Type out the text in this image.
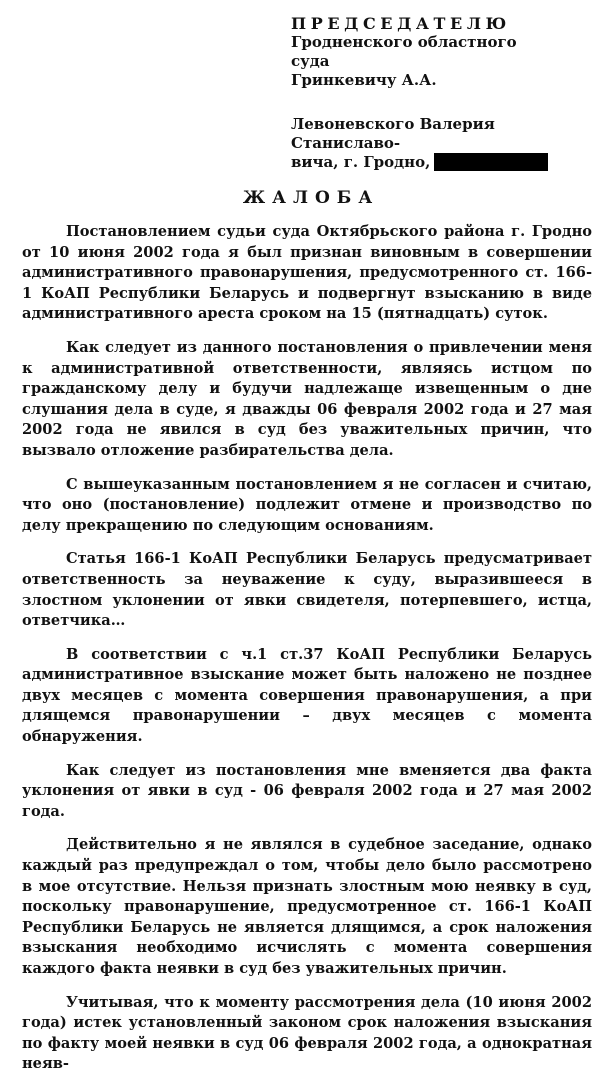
ПРЕДСЕДАТЕЛЮ
Гродненского областного
суда
Гринкевичу А.А.
Левоневского Валерия Станиславо-
вича, г. Гродно,
ЖАЛОБА

Постановлением судьи суда Октябрьского района г. Гродно от 10 июня 2002 года я был признан виновным в совершении административного правонарушения, предусмотренного ст. 166-1 КоАП Республики Беларусь и подвергнут взысканию в виде административного ареста сроком на 15 (пятнадцать) суток.

Как следует из данного постановления о привлечении меня к административной ответственности, являясь истцом по гражданскому делу и будучи надлежаще извещенным о дне слушания дела в суде, я дважды 06 февраля 2002 года и 27 мая 2002 года не явился в суд без уважительных причин, что вызвало отложение разбирательства дела.

С вышеуказанным постановлением я не согласен и считаю, что оно (постановление) подлежит отмене и производство по делу прекращению по следующим основаниям.

Статья 166-1 КоАП Республики Беларусь предусматривает ответственность за неуважение к суду, выразившееся в злостном уклонении от явки свидетеля, потерпевшего, истца, ответчика…

В соответствии с ч.1 ст.37 КоАП Республики Беларусь административное взыскание может быть наложено не позднее двух месяцев с момента совершения правонарушения, а при длящемся правонарушении – двух месяцев с момента обнаружения.

Как следует из постановления мне вменяется два факта уклонения от явки в суд - 06 февраля 2002 года и 27 мая 2002 года.

Действительно я не являлся в судебное заседание, однако каждый раз предупреждал о том, чтобы дело было рассмотрено в мое отсутствие. Нельзя признать злостным мою неявку в суд, поскольку правонарушение, предусмотренное ст. 166-1 КоАП Республики Беларусь не является длящимся, а срок наложения взыскания необходимо исчислять с момента совершения каждого факта неявки в суд без уважительных причин.

Учитывая, что к моменту рассмотрения дела (10 июня 2002 года) истек установленный законом срок наложения взыскания по факту моей неявки в суд 06 февраля 2002 года, а однократная неяв-
